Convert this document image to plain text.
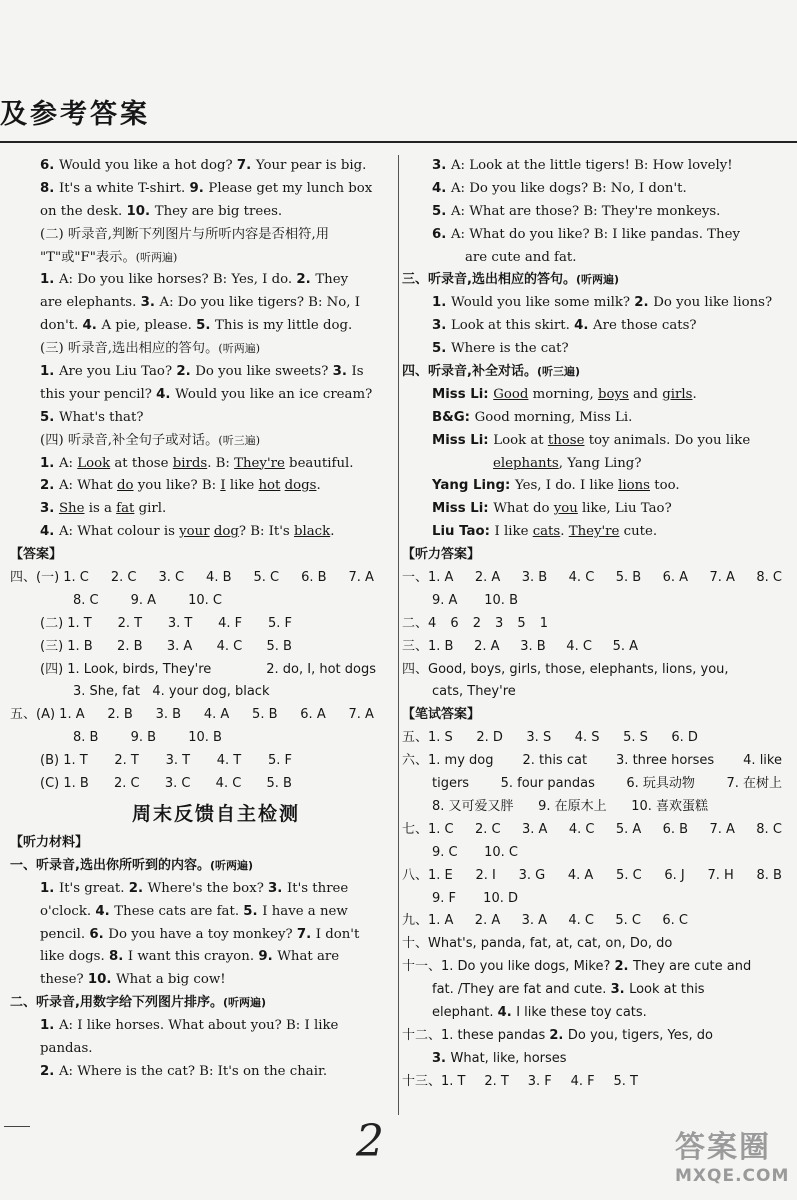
及参考答案
6. Would you like a hot dog? 7. Your pear is big.
8. It's a white T-shirt. 9. Please get my lunch box
on the desk. 10. They are big trees.
(二) 听录音,判断下列图片与所听内容是否相符,用
"T"或"F"表示。(听两遍)
1. A: Do you like horses? B: Yes, I do. 2. They
are elephants. 3. A: Do you like tigers? B: No, I
don't. 4. A pie, please. 5. This is my little dog.
(三) 听录音,选出相应的答句。(听两遍)
1. Are you Liu Tao? 2. Do you like sweets? 3. Is
this your pencil? 4. Would you like an ice cream?
5. What's that?
(四) 听录音,补全句子或对话。(听三遍)
1. A: Look at those birds. B: They're beautiful.
2. A: What do you like? B: I like hot dogs.
3. She is a fat girl.
4. A: What colour is your dog? B: It's black.
【答案】
四、(一) 1. C 2. C 3. C 4. B 5. C 6. B 7. A
8. C 9. A 10. C
(二) 1. T 2. T 3. T 4. F 5. F
(三) 1. B 2. B 3. A 4. C 5. B
(四) 1. Look, birds, They're	2. do, I, hot dogs
3. She, fat 4. your dog, black
五、(A) 1. A 2. B 3. B 4. A 5. B 6. A 7. A
8. B 9. B 10. B
(B) 1. T 2. T 3. T 4. T 5. F
(C) 1. B 2. C 3. C 4. C 5. B
周末反馈自主检测
【听力材料】
一、听录音,选出你所听到的内容。(听两遍)
1. It's great. 2. Where's the box? 3. It's three
o'clock. 4. These cats are fat. 5. I have a new
pencil. 6. Do you have a toy monkey? 7. I don't
like dogs. 8. I want this crayon. 9. What are
these? 10. What a big cow!
二、听录音,用数字给下列图片排序。(听两遍)
1. A: I like horses. What about you? B: I like
pandas.
2. A: Where is the cat? B: It's on the chair.
3. A: Look at the little tigers! B: How lovely!
4. A: Do you like dogs? B: No, I don't.
5. A: What are those? B: They're monkeys.
6. A: What do you like? B: I like pandas. They
are cute and fat.
三、听录音,选出相应的答句。(听两遍)
1. Would you like some milk? 2. Do you like lions?
3. Look at this skirt. 4. Are those cats?
5. Where is the cat?
四、听录音,补全对话。(听三遍)
Miss Li: Good morning, boys and girls.
B&G: Good morning, Miss Li.
Miss Li: Look at those toy animals. Do you like
elephants, Yang Ling?
Yang Ling: Yes, I do. I like lions too.
Miss Li: What do you like, Liu Tao?
Liu Tao: I like cats. They're cute.
【听力答案】
一、1. A 2. A 3. B 4. C 5. B 6. A 7. A 8. C
9. A 10. B
二、4 6 2 3 5 1
三、1. B 2. A 3. B 4. C 5. A
四、Good, boys, girls, those, elephants, lions, you,
cats, They're
【笔试答案】
五、1. S 2. D 3. S 4. S 5. S 6. D
六、1. my dog 2. this cat 3. three horses 4. like
tigers 5. four pandas 6. 玩具动物 7. 在树上
8. 又可爱又胖 9. 在原木上 10. 喜欢蛋糕
七、1. C 2. C 3. A 4. C 5. A 6. B 7. A 8. C
9. C 10. C
八、1. E 2. I 3. G 4. A 5. C 6. J 7. H 8. B
9. F 10. D
九、1. A 2. A 3. A 4. C 5. C 6. C
十、What's, panda, fat, at, cat, on, Do, do
十一、1. Do you like dogs, Mike? 2. They are cute and
fat. /They are fat and cute. 3. Look at this
elephant. 4. I like these toy cats.
十二、1. these pandas 2. Do you, tigers, Yes, do
3. What, like, horses
十三、1. T 2. T 3. F 4. F 5. T
2	答案圈
MXQE.COM
